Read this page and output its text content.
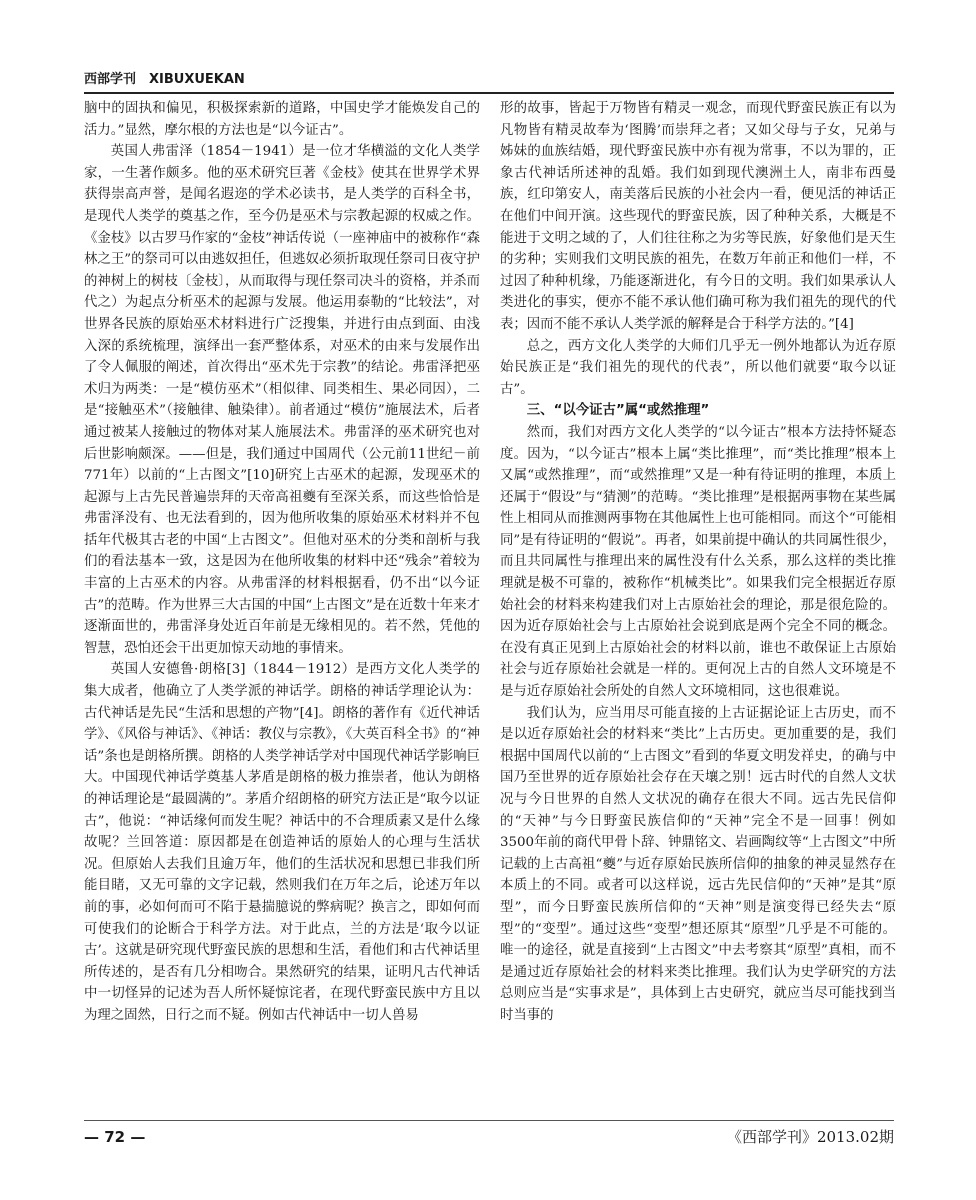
西部学刊　XIBUXUEKAN

脑中的固执和偏见，积极探索新的道路，中国史学才能焕发自己的活力。”显然，摩尔根的方法也是“以今证古”。

英国人弗雷泽（1854－1941）是一位才华横溢的文化人类学家，一生著作颇多。他的巫术研究巨著《金枝》使其在世界学术界获得崇高声誉，是闻名遐迩的学术必读书，是人类学的百科全书，是现代人类学的奠基之作，至今仍是巫术与宗教起源的权威之作。《金枝》以古罗马作家的“金枝”神话传说（一座神庙中的被称作“森林之王”的祭司可以由逃奴担任，但逃奴必须折取现任祭司日夜守护的神树上的树枝〔金枝〕，从而取得与现任祭司决斗的资格，并杀而代之）为起点分析巫术的起源与发展。他运用泰勒的“比较法”，对世界各民族的原始巫术材料进行广泛搜集，并进行由点到面、由浅入深的系统梳理，演绎出一套严整体系，对巫术的由来与发展作出了令人佩服的阐述，首次得出“巫术先于宗教”的结论。弗雷泽把巫术归为两类：一是“模仿巫术”（相似律、同类相生、果必同因），二是“接触巫术”（接触律、触染律）。前者通过“模仿”施展法术，后者通过被某人接触过的物体对某人施展法术。弗雷泽的巫术研究也对后世影响颇深。——但是，我们通过中国周代（公元前11世纪－前771年）以前的“上古图文”[10]研究上古巫术的起源，发现巫术的起源与上古先民普遍崇拜的天帝高祖夔有至深关系，而这些恰恰是弗雷泽没有、也无法看到的，因为他所收集的原始巫术材料并不包括年代极其古老的中国“上古图文”。但他对巫术的分类和剖析与我们的看法基本一致，这是因为在他所收集的材料中还“残余”着较为丰富的上古巫术的内容。从弗雷泽的材料根据看，仍不出“以今证古”的范畴。作为世界三大古国的中国“上古图文”是在近数十年来才逐渐面世的，弗雷泽身处近百年前是无缘相见的。若不然，凭他的智慧，恐怕还会干出更加惊天动地的事情来。

英国人安德鲁·朗格[3]（1844－1912）是西方文化人类学的集大成者，他确立了人类学派的神话学。朗格的神话学理论认为：古代神话是先民“生活和思想的产物”[4]。朗格的著作有《近代神话学》、《风俗与神话》、《神话：教仪与宗教》，《大英百科全书》的“神话”条也是朗格所撰。朗格的人类学神话学对中国现代神话学影响巨大。中国现代神话学奠基人茅盾是朗格的极力推崇者，他认为朗格的神话理论是“最圆满的”。茅盾介绍朗格的研究方法正是“取今以证古”，他说：“神话缘何而发生呢？神话中的不合理质素又是什么缘故呢？兰回答道：原因都是在创造神话的原始人的心理与生活状况。但原始人去我们且逾万年，他们的生活状况和思想已非我们所能目睹，又无可靠的文字记载，然则我们在万年之后，论述万年以前的事，必如何而可不陷于悬揣臆说的弊病呢？换言之，即如何而可使我们的论断合于科学方法。对于此点，兰的方法是‘取今以证古’。这就是研究现代野蛮民族的思想和生活，看他们和古代神话里所传述的，是否有几分相吻合。果然研究的结果，证明凡古代神话中一切怪异的记述为吾人所怀疑惊诧者，在现代野蛮民族中方且以为理之固然，日行之而不疑。例如古代神话中一切人兽易

形的故事，皆起于万物皆有精灵一观念，而现代野蛮民族正有以为凡物皆有精灵故奉为‘图腾’而崇拜之者；又如父母与子女，兄弟与姊妹的血族结婚，现代野蛮民族中亦有视为常事，不以为罪的，正象古代神话所述神的乱婚。我们如到现代澳洲土人，南非布西曼族，红印第安人，南美落后民族的小社会内一看，便见活的神话正在他们中间开演。这些现代的野蛮民族，因了种种关系，大概是不能进于文明之域的了，人们往往称之为劣等民族，好象他们是天生的劣种；实则我们文明民族的祖先，在数万年前正和他们一样，不过因了种种机缘，乃能逐渐进化，有今日的文明。我们如果承认人类进化的事实，便亦不能不承认他们确可称为我们祖先的现代的代表；因而不能不承认人类学派的解释是合于科学方法的。”[4]

总之，西方文化人类学的大师们几乎无一例外地都认为近存原始民族正是“我们祖先的现代的代表”，所以他们就要“取今以证古”。

三、“以今证古”属“或然推理”

然而，我们对西方文化人类学的“以今证古”根本方法持怀疑态度。因为，“以今证古”根本上属“类比推理”，而“类比推理”根本上又属“或然推理”，而“或然推理”又是一种有待证明的推理，本质上还属于“假设”与“猜测”的范畴。“类比推理”是根据两事物在某些属性上相同从而推测两事物在其他属性上也可能相同。而这个“可能相同”是有待证明的“假说”。再者，如果前提中确认的共同属性很少，而且共同属性与推理出来的属性没有什么关系，那么这样的类比推理就是极不可靠的，被称作“机械类比”。如果我们完全根据近存原始社会的材料来构建我们对上古原始社会的理论，那是很危险的。因为近存原始社会与上古原始社会说到底是两个完全不同的概念。在没有真正见到上古原始社会的材料以前，谁也不敢保证上古原始社会与近存原始社会就是一样的。更何况上古的自然人文环境是不是与近存原始社会所处的自然人文环境相同，这也很难说。

我们认为，应当用尽可能直接的上古证据论证上古历史，而不是以近存原始社会的材料来“类比”上古历史。更加重要的是，我们根据中国周代以前的“上古图文”看到的华夏文明发祥史，的确与中国乃至世界的近存原始社会存在天壤之别！远古时代的自然人文状况与今日世界的自然人文状况的确存在很大不同。远古先民信仰的“天神”与今日野蛮民族信仰的“天神”完全不是一回事！例如3500年前的商代甲骨卜辞、钟鼎铭文、岩画陶纹等“上古图文”中所记载的上古高祖“夔”与近存原始民族所信仰的抽象的神灵显然存在本质上的不同。或者可以这样说，远古先民信仰的“天神”是其“原型”，而今日野蛮民族所信仰的“天神”则是演变得已经失去“原型”的“变型”。通过这些“变型”想还原其“原型”几乎是不可能的。唯一的途径，就是直接到“上古图文”中去考察其“原型”真相，而不是通过近存原始社会的材料来类比推理。我们认为史学研究的方法总则应当是“实事求是”，具体到上古史研究，就应当尽可能找到当时当事的

— 72 —	《西部学刊》2013.02期
